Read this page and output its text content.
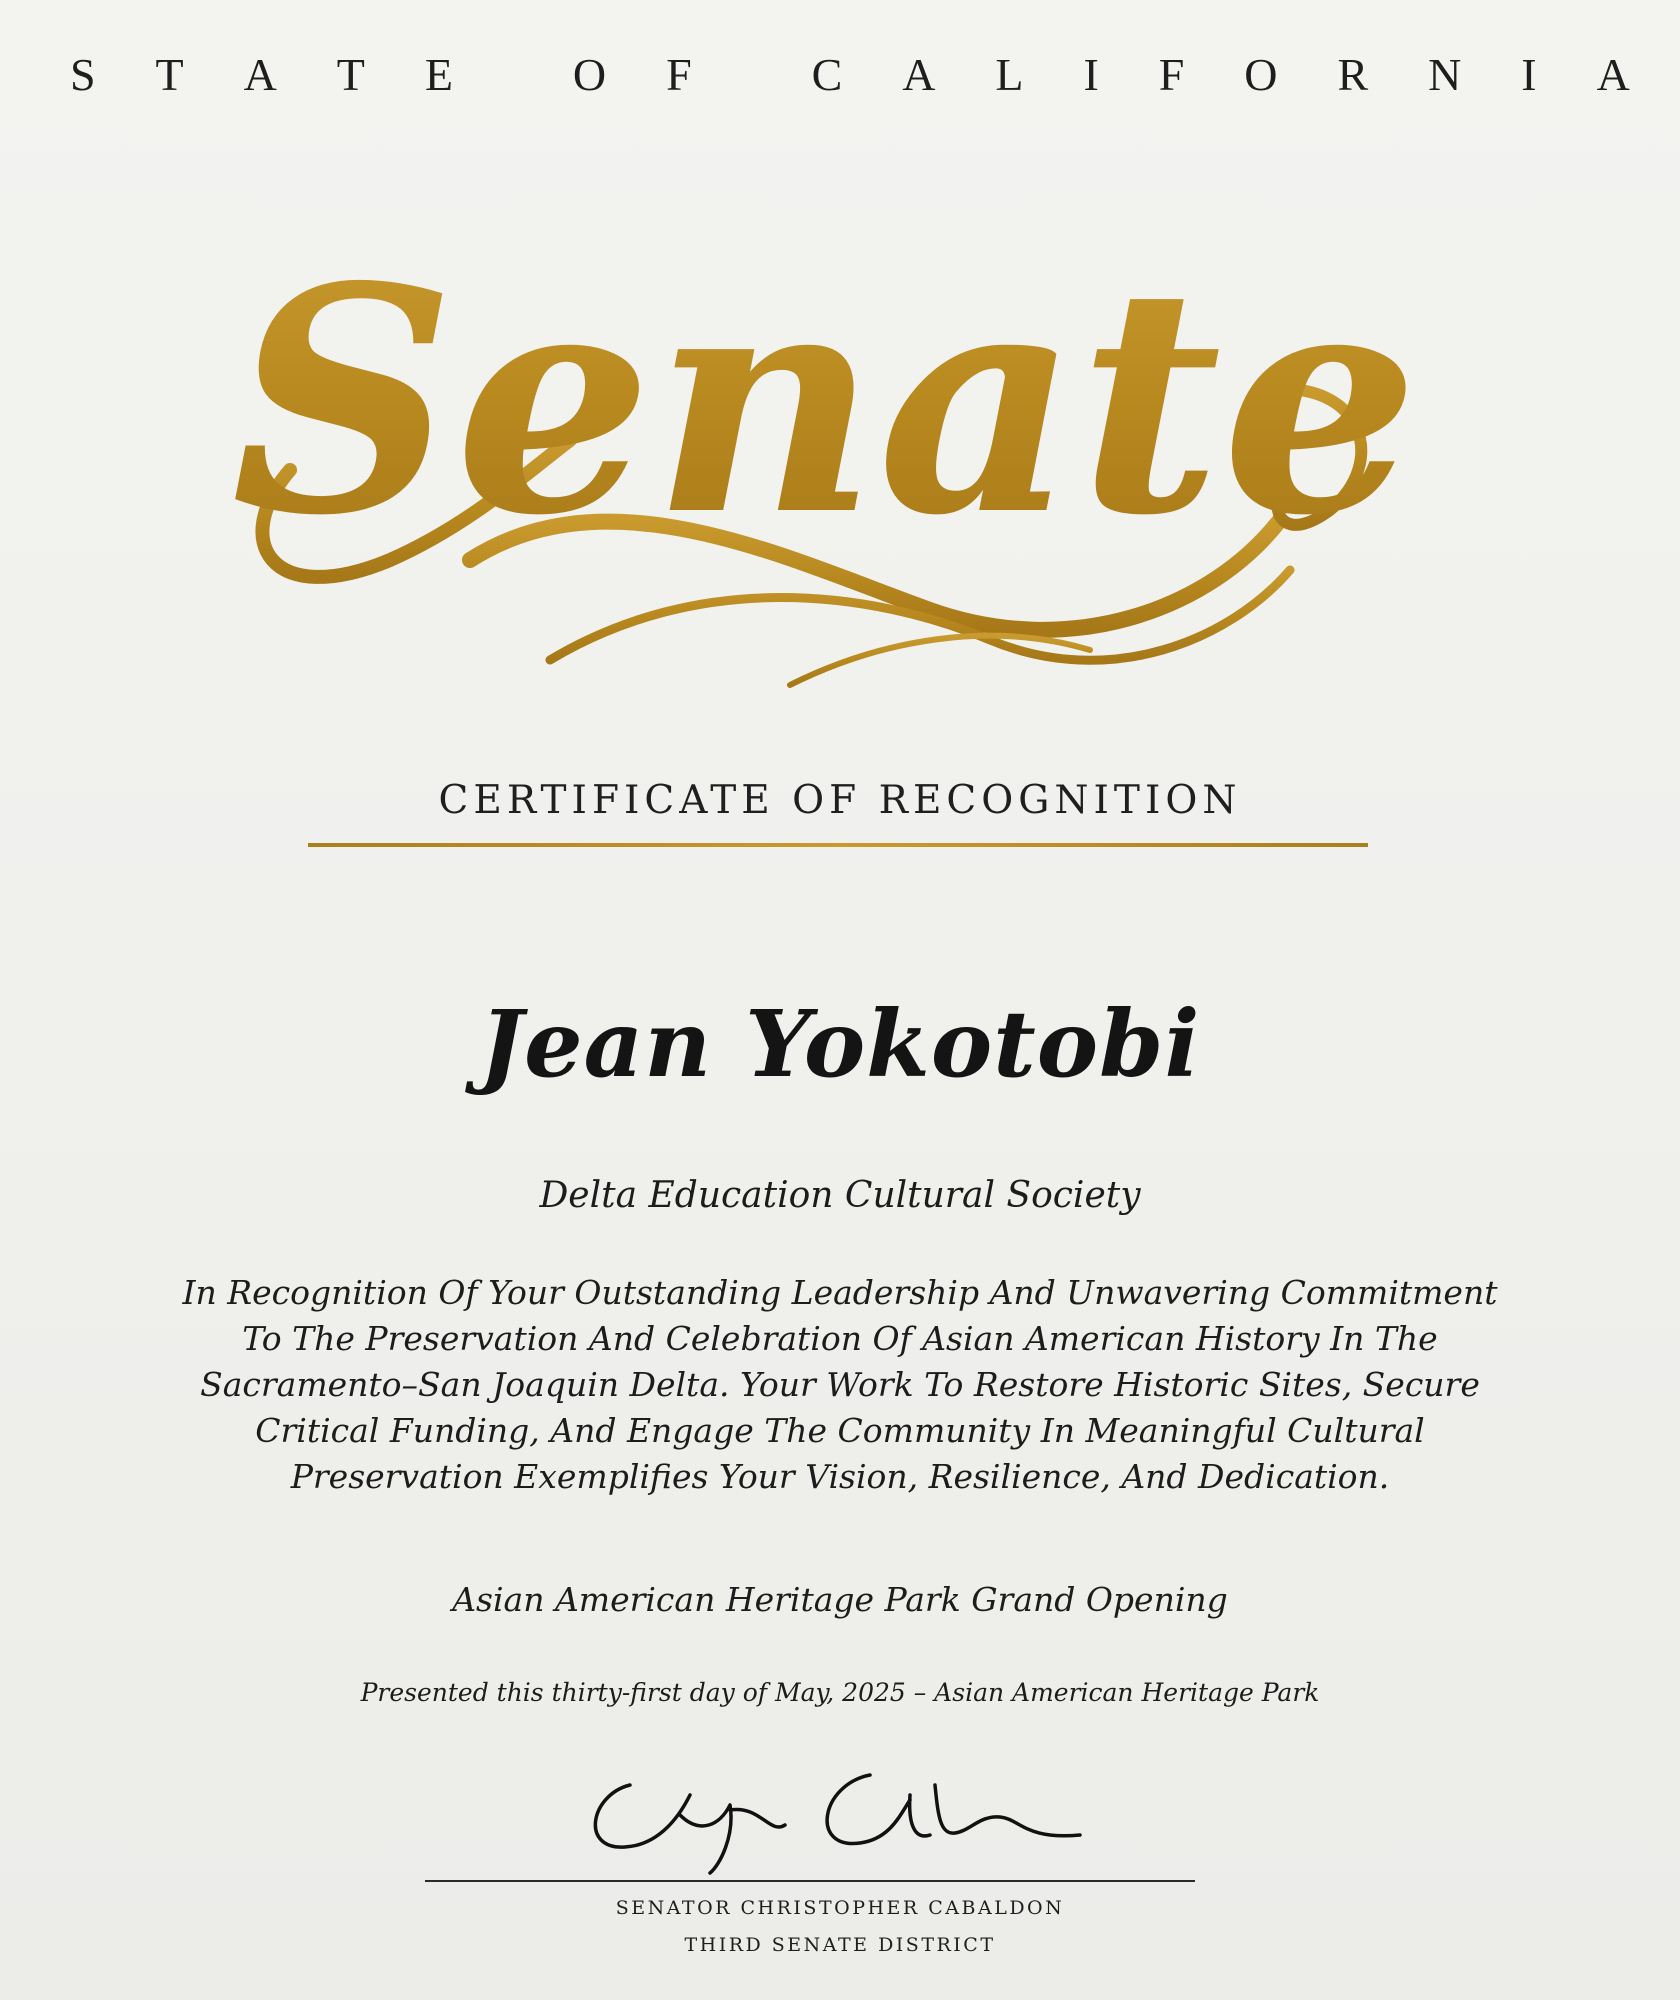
S T A T E	O F	C A L I F O R N I A
Senate
CERTIFICATE OF RECOGNITION
Jean Yokotobi
Delta Education Cultural Society
In Recognition Of Your Outstanding Leadership And Unwavering Commitment
To The Preservation And Celebration Of Asian American History In The
Sacramento–San Joaquin Delta. Your Work To Restore Historic Sites, Secure
Critical Funding, And Engage The Community In Meaningful Cultural
Preservation Exemplifies Your Vision, Resilience, And Dedication.
Asian American Heritage Park Grand Opening
Presented this thirty-first day of May, 2025 – Asian American Heritage Park
SENATOR CHRISTOPHER CABALDON
THIRD SENATE DISTRICT
